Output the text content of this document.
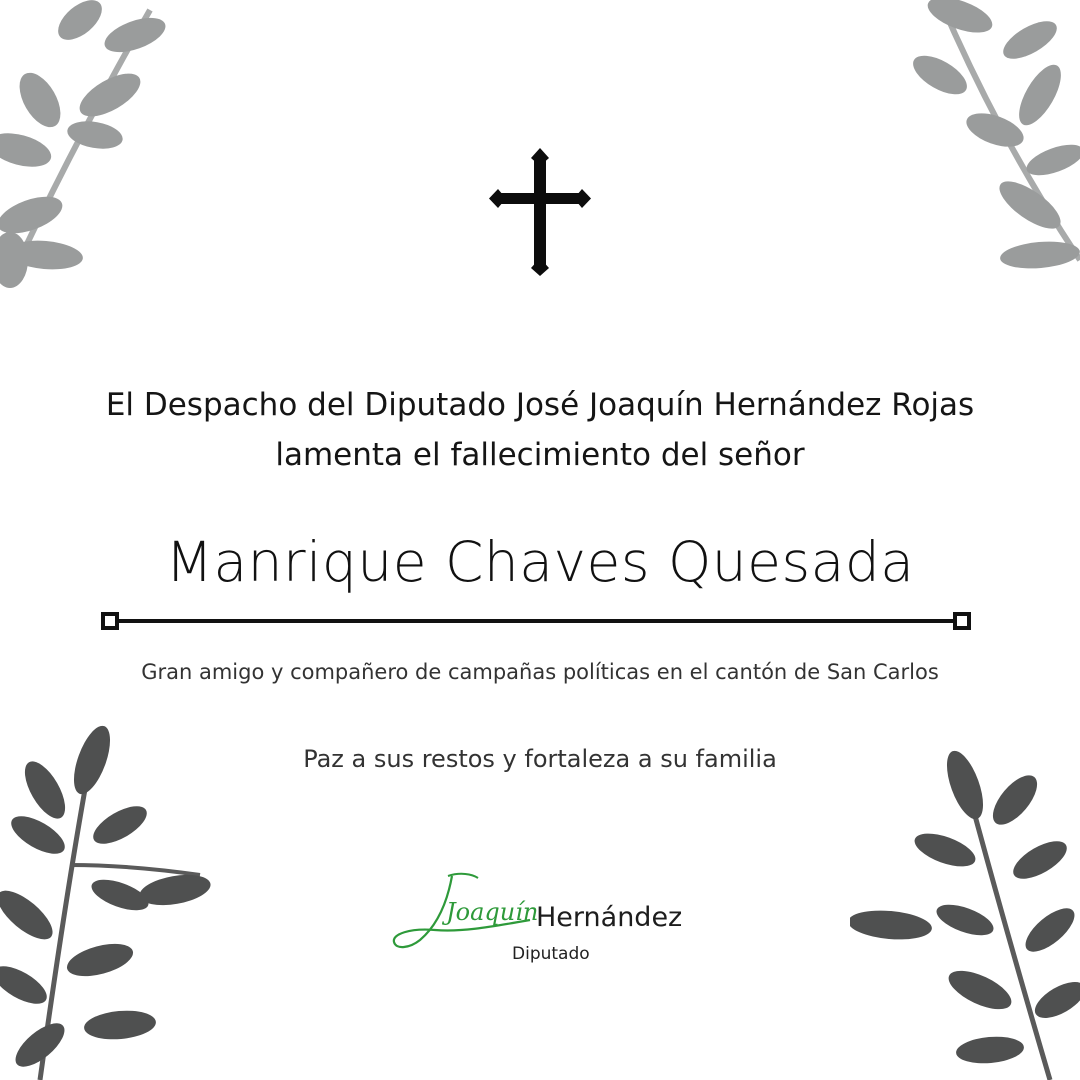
El Despacho del Diputado José Joaquín Hernández Rojas
lamenta el fallecimiento del señor
Manrique Chaves Quesada
Gran amigo y compañero de campañas políticas en el cantón de San Carlos
Paz a sus restos y fortaleza a su familia
Joaquín
Hernández
Diputado
